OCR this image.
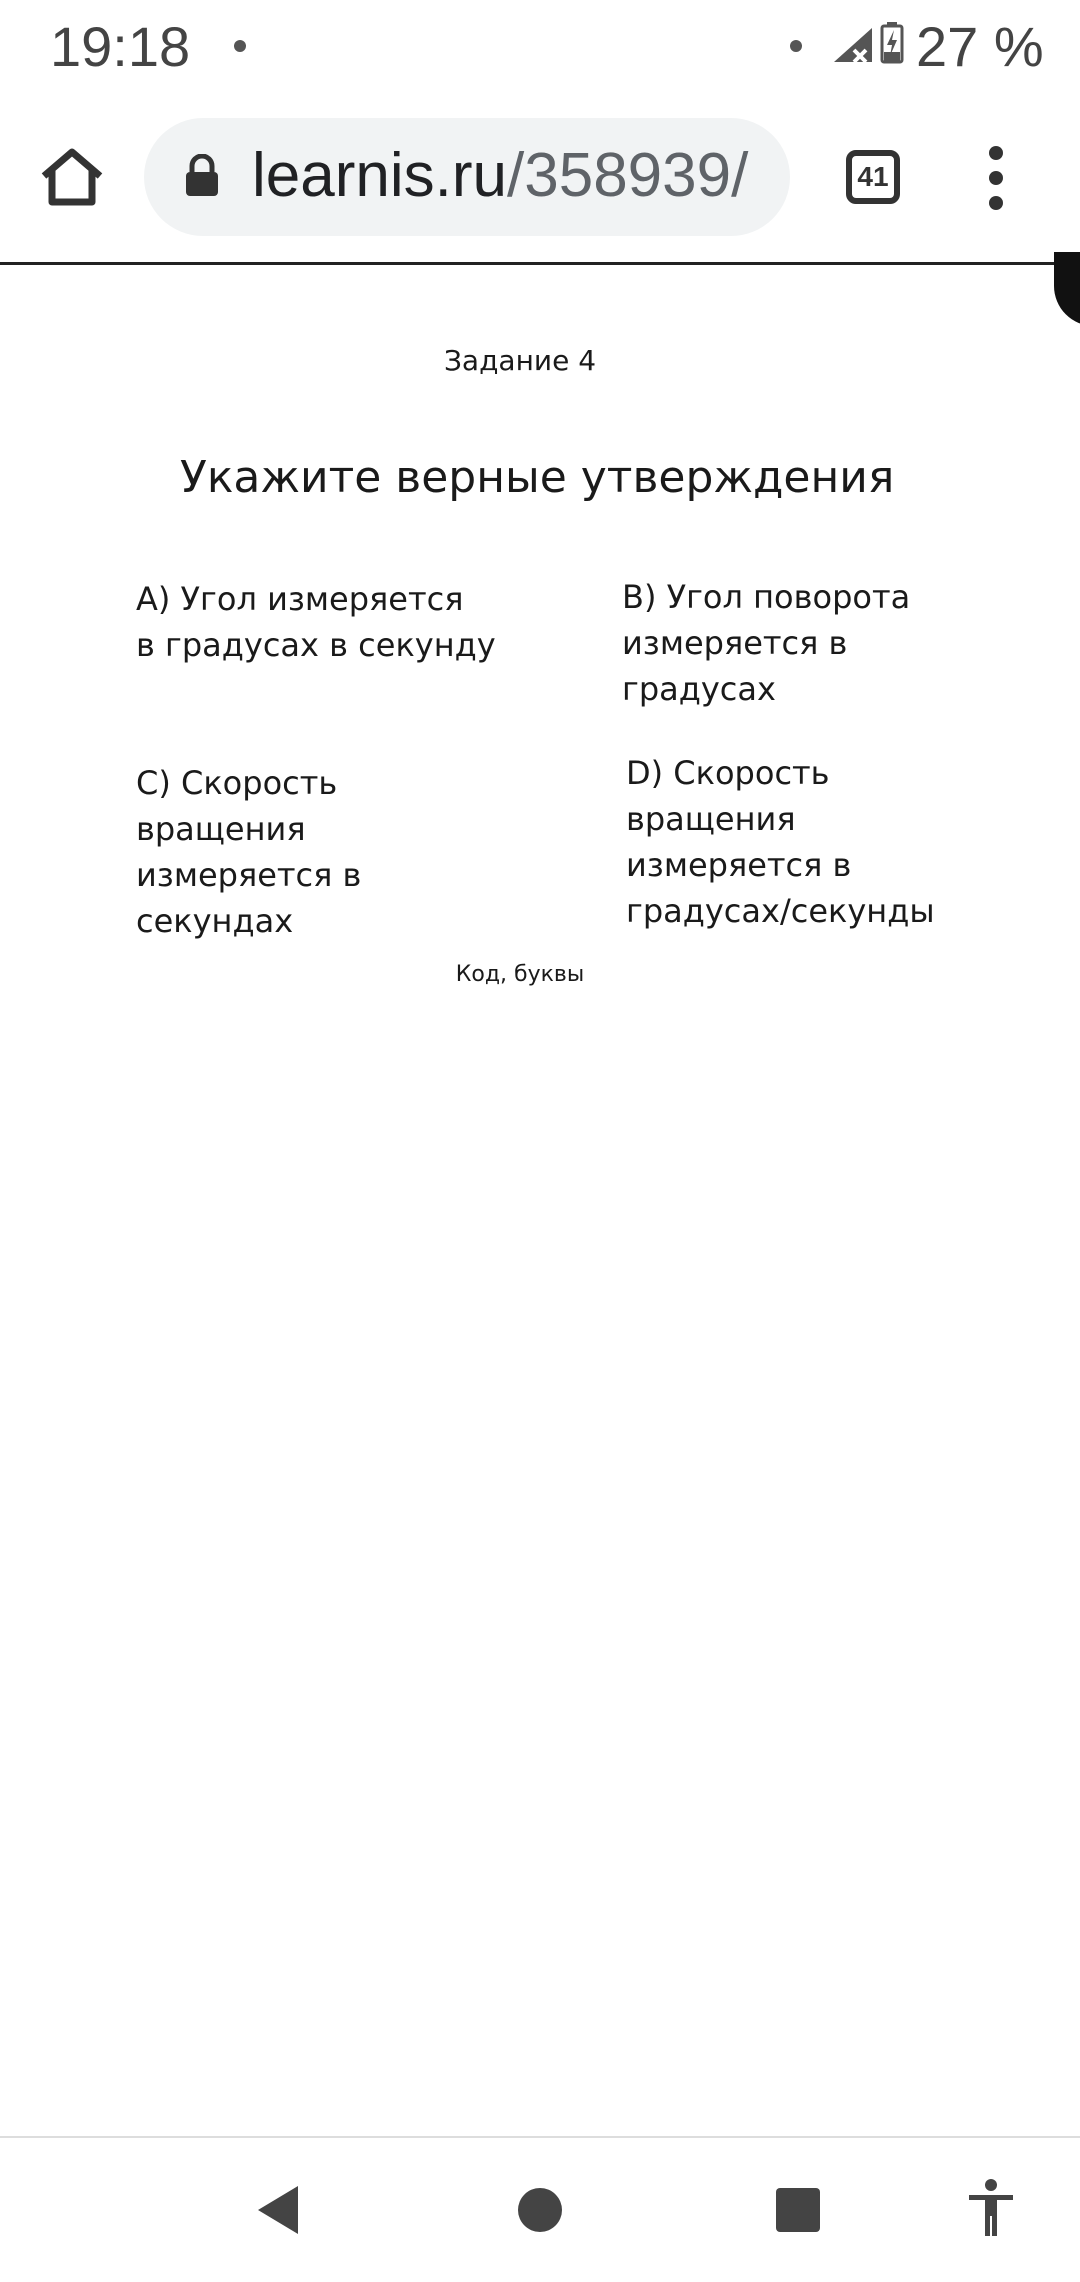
19:18	27 %
learnis.ru/358939/	41
Задание 4
Укажите верные утверждения
A) Угол измеряется
в градусах в секунду
B) Угол поворота
измеряется в
градусах
С) Скорость
вращения
измеряется в
секундах
D) Скорость
вращения
измеряется в
градусах/секунды
Код, буквы
